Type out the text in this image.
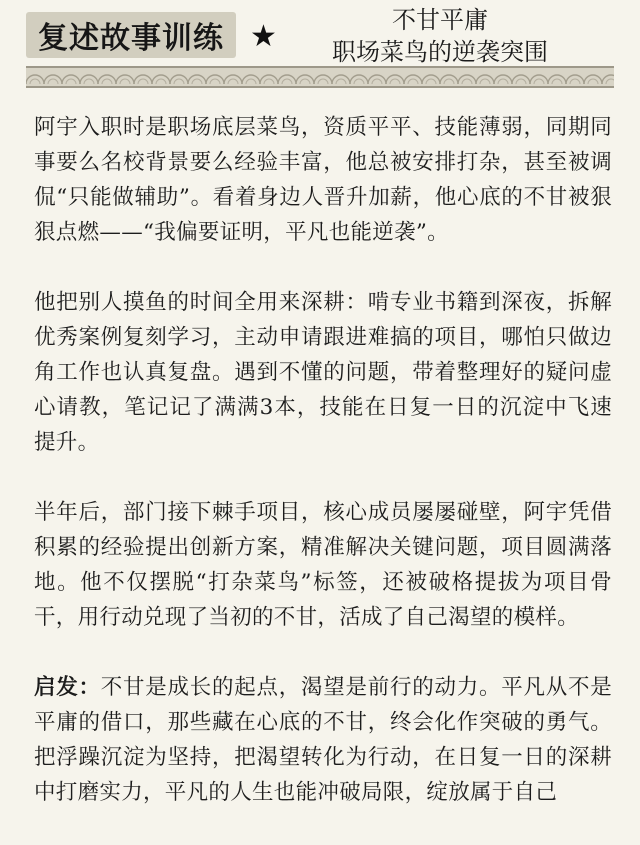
复述故事训练 ★	不甘平庸
职场菜鸟的逆袭突围

阿宇入职时是职场底层菜鸟，资质平平、技能薄弱，同期同事要么名校背景要么经验丰富，他总被安排打杂，甚至被调侃“只能做辅助”。看着身边人晋升加薪，他心底的不甘被狠狠点燃——“我偏要证明，平凡也能逆袭”。

他把别人摸鱼的时间全用来深耕：啃专业书籍到深夜，拆解优秀案例复刻学习，主动申请跟进难搞的项目，哪怕只做边角工作也认真复盘。遇到不懂的问题，带着整理好的疑问虚心请教，笔记记了满满3本，技能在日复一日的沉淀中飞速提升。

半年后，部门接下棘手项目，核心成员屡屡碰壁，阿宇凭借积累的经验提出创新方案，精准解决关键问题，项目圆满落地。他不仅摆脱“打杂菜鸟”标签，还被破格提拔为项目骨干，用行动兑现了当初的不甘，活成了自己渴望的模样。

启发：不甘是成长的起点，渴望是前行的动力。平凡从不是平庸的借口，那些藏在心底的不甘，终会化作突破的勇气。把浮躁沉淀为坚持，把渴望转化为行动，在日复一日的深耕中打磨实力，平凡的人生也能冲破局限，绽放属于自己
